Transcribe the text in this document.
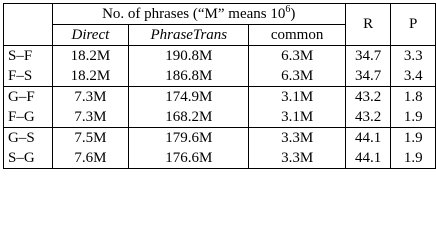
	No. of phrases (“M” means $10^6$)			R	P
	Direct	PhraseTrans	common		
S–F	18.2M	190.8M	6.3M	34.7	3.3
F–S	18.2M	186.8M	6.3M	34.7	3.4
G–F	7.3M	174.9M	3.1M	43.2	1.8
F–G	7.3M	168.2M	3.1M	43.2	1.9
G–S	7.5M	179.6M	3.3M	44.1	1.9
S–G	7.6M	176.6M	3.3M	44.1	1.9
